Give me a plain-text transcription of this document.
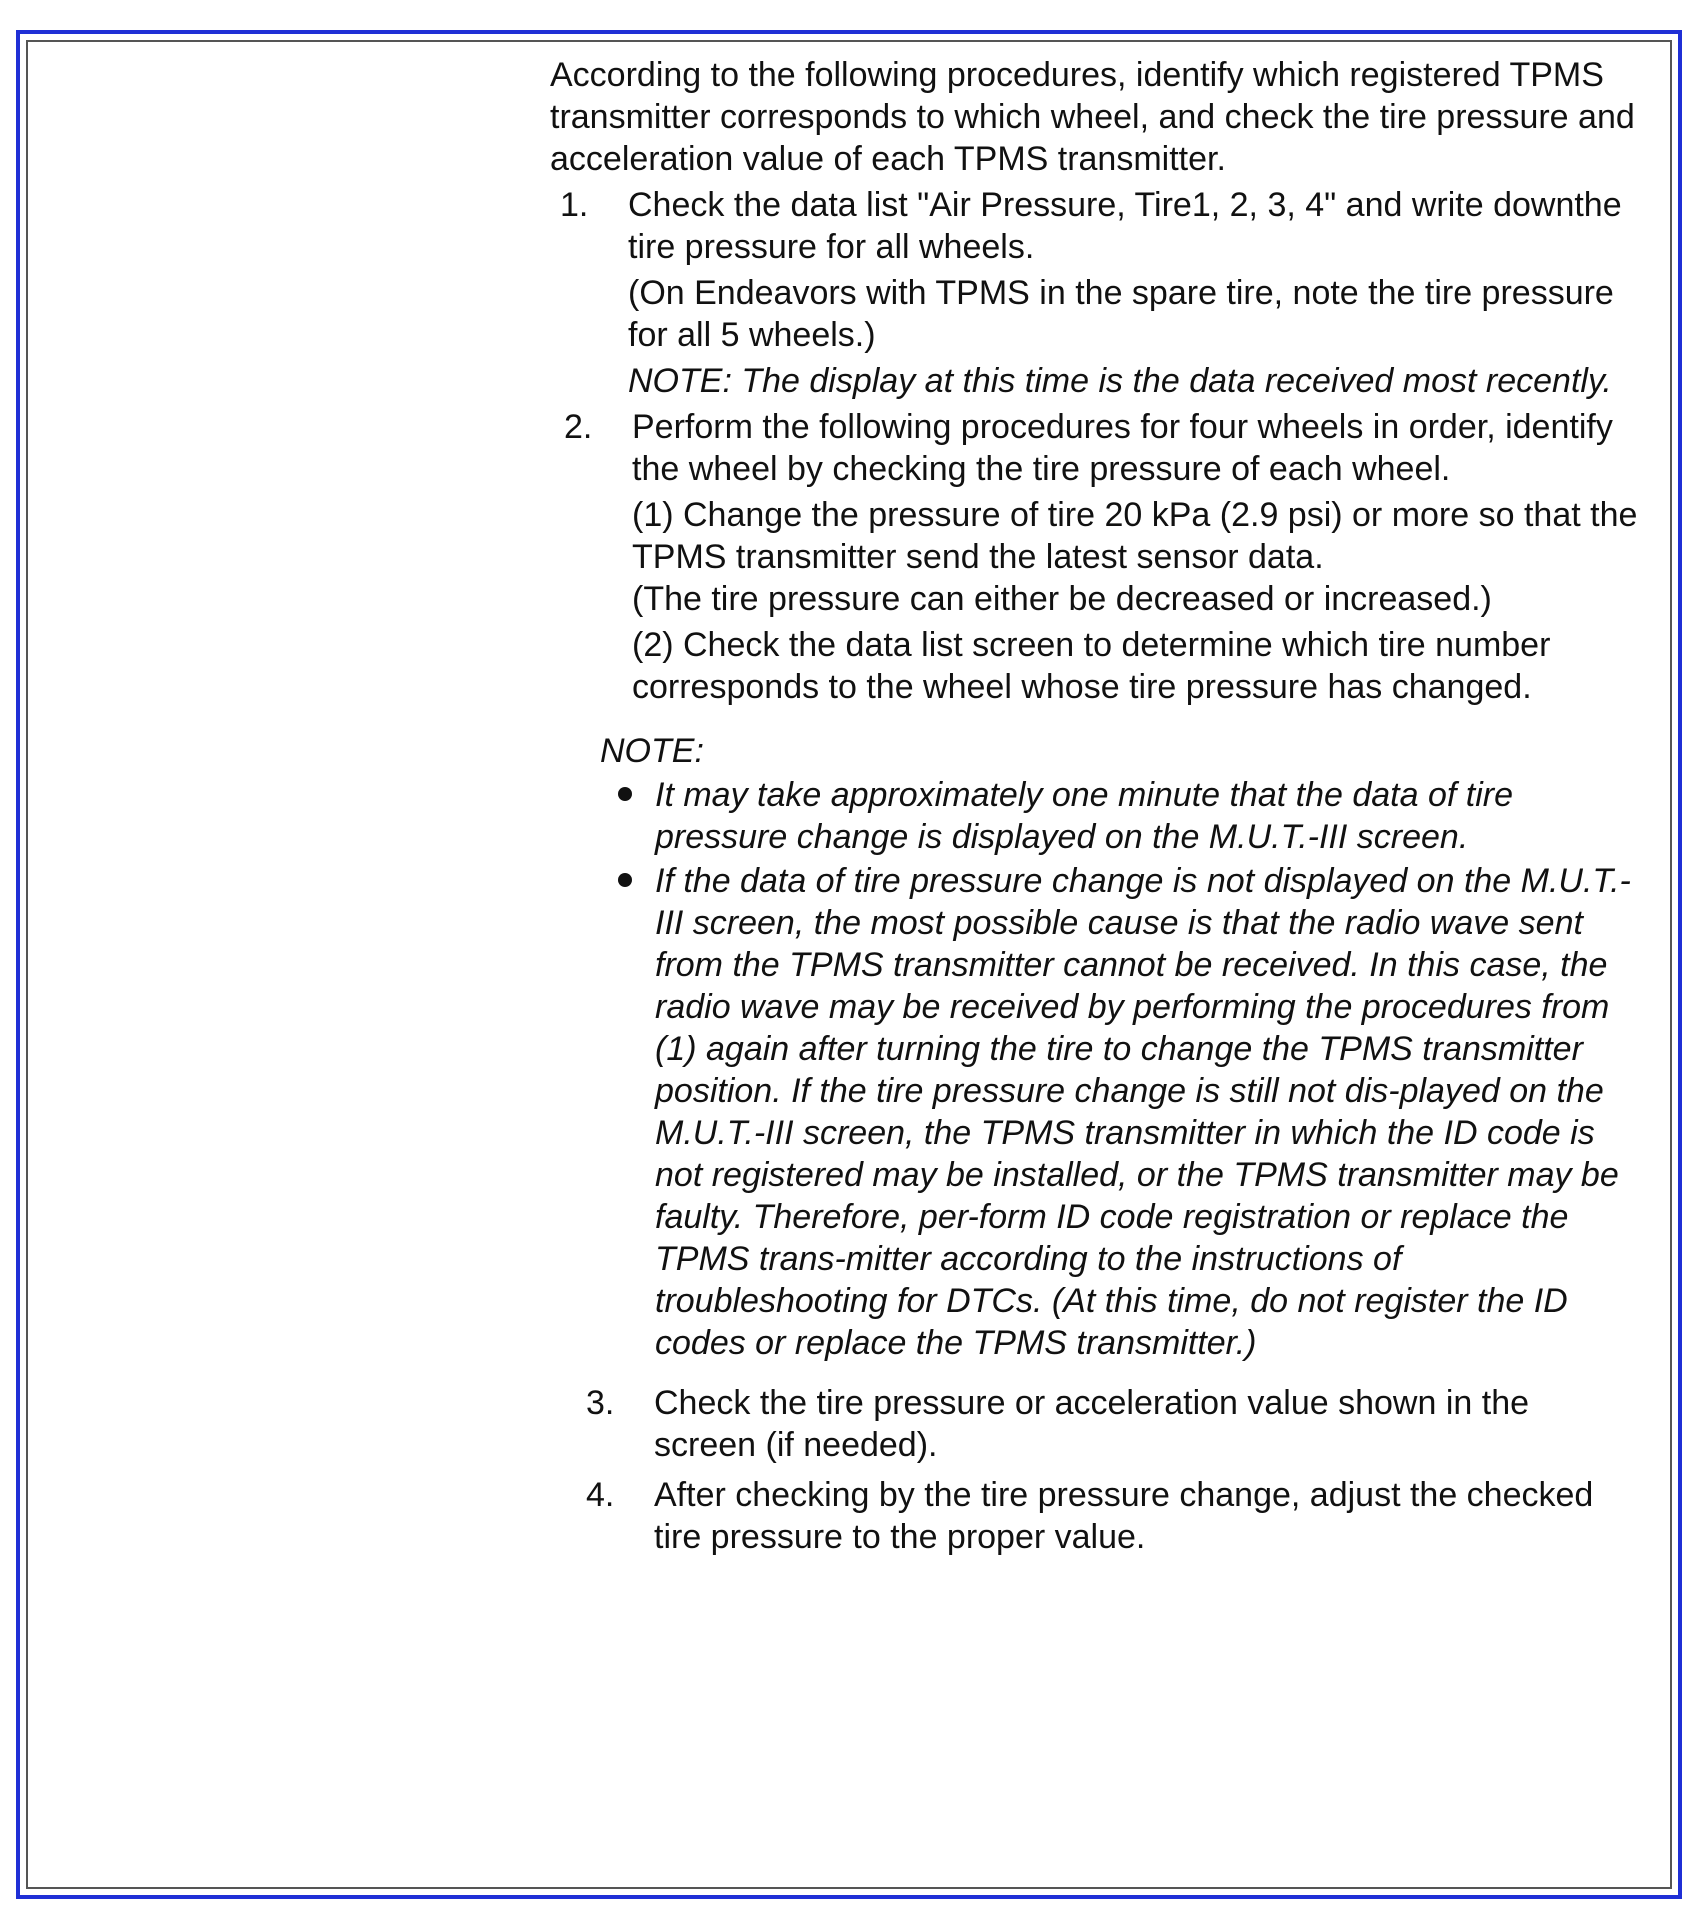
According to the following procedures, identify which registered TPMS transmitter corresponds to which wheel, and check the tire pressure and acceleration value of each TPMS transmitter.

1. Check the data list "Air Pressure, Tire1, 2, 3, 4" and write downthe tire pressure for all wheels.
(On Endeavors with TPMS in the spare tire, note the tire pressure for all 5 wheels.)
NOTE: The display at this time is the data received most recently.
2. Perform the following procedures for four wheels in order, identify the wheel by checking the tire pressure of each wheel.
(1) Change the pressure of tire 20 kPa (2.9 psi) or more so that the TPMS transmitter send the latest sensor data.
(The tire pressure can either be decreased or increased.)
(2) Check the data list screen to determine which tire number corresponds to the wheel whose tire pressure has changed.
NOTE:
It may take approximately one minute that the data of tire pressure change is displayed on the M.U.T.-III screen.
If the data of tire pressure change is not displayed on the M.U.T.-III screen, the most possible cause is that the radio wave sent from the TPMS transmitter cannot be received. In this case, the radio wave may be received by performing the procedures from (1) again after turning the tire to change the TPMS transmitter position. If the tire pressure change is still not dis-played on the M.U.T.-III screen, the TPMS transmitter in which the ID code is not registered may be installed, or the TPMS transmitter may be faulty. Therefore, per-form ID code registration or replace the TPMS trans-mitter according to the instructions of troubleshooting for DTCs. (At this time, do not register the ID codes or replace the TPMS transmitter.)
3. Check the tire pressure or acceleration value shown in the screen (if needed).
4. After checking by the tire pressure change, adjust the checked tire pressure to the proper value.
